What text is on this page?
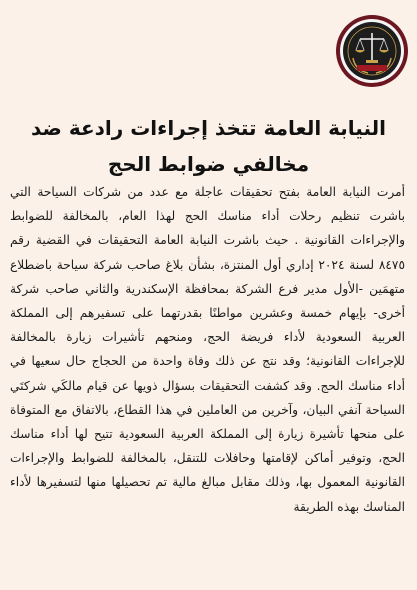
النيابة العامة تتخذ إجراءات رادعة ضد مخالفي ضوابط الحج
أمرت النيابة العامة بفتح تحقيقات عاجلة مع عدد من شركات السياحة التي باشرت تنظيم رحلات أداء مناسك الحج لهذا العام، بالمخالفة للضوابط والإجراءات القانونية . حيث باشرت النيابة العامة التحقيقات في القضية رقم ٨٤٧٥ لسنة ٢٠٢٤ إداري أول المنتزة، بشأن بلاغ صاحب شركة سياحة باضطلاع متهمَين -الأول مدير فرع الشركة بمحافظة الإسكندرية والثاني صاحب شركة أخرى- بإيهام خمسة وعشرين مواطنًا بقدرتهما على تسفيرهم إلى المملكة العربية السعودية لأداء فريضة الحج، ومنحهم تأشيرات زيارة بالمخالفة للإجراءات القانونية؛ وقد نتج عن ذلك وفاة واحدة من الحجاج حال سعيها في أداء مناسك الحج. وقد كشفت التحقيقات بسؤال ذويها عن قيام مالكَي شركتَي السياحة آنفي البيان، وآخرين من العاملين في هذا القطاع، بالاتفاق مع المتوفاة على منحها تأشيرة زيارة إلى المملكة العربية السعودية تتيح لها أداء مناسك الحج، وتوفير أماكن لإقامتها وحافلات للتنقل، بالمخالفة للضوابط والإجراءات القانونية المعمول بها، وذلك مقابل مبالغ مالية تم تحصيلها منها لتسفيرها لأداء المناسك بهذه الطريقة
